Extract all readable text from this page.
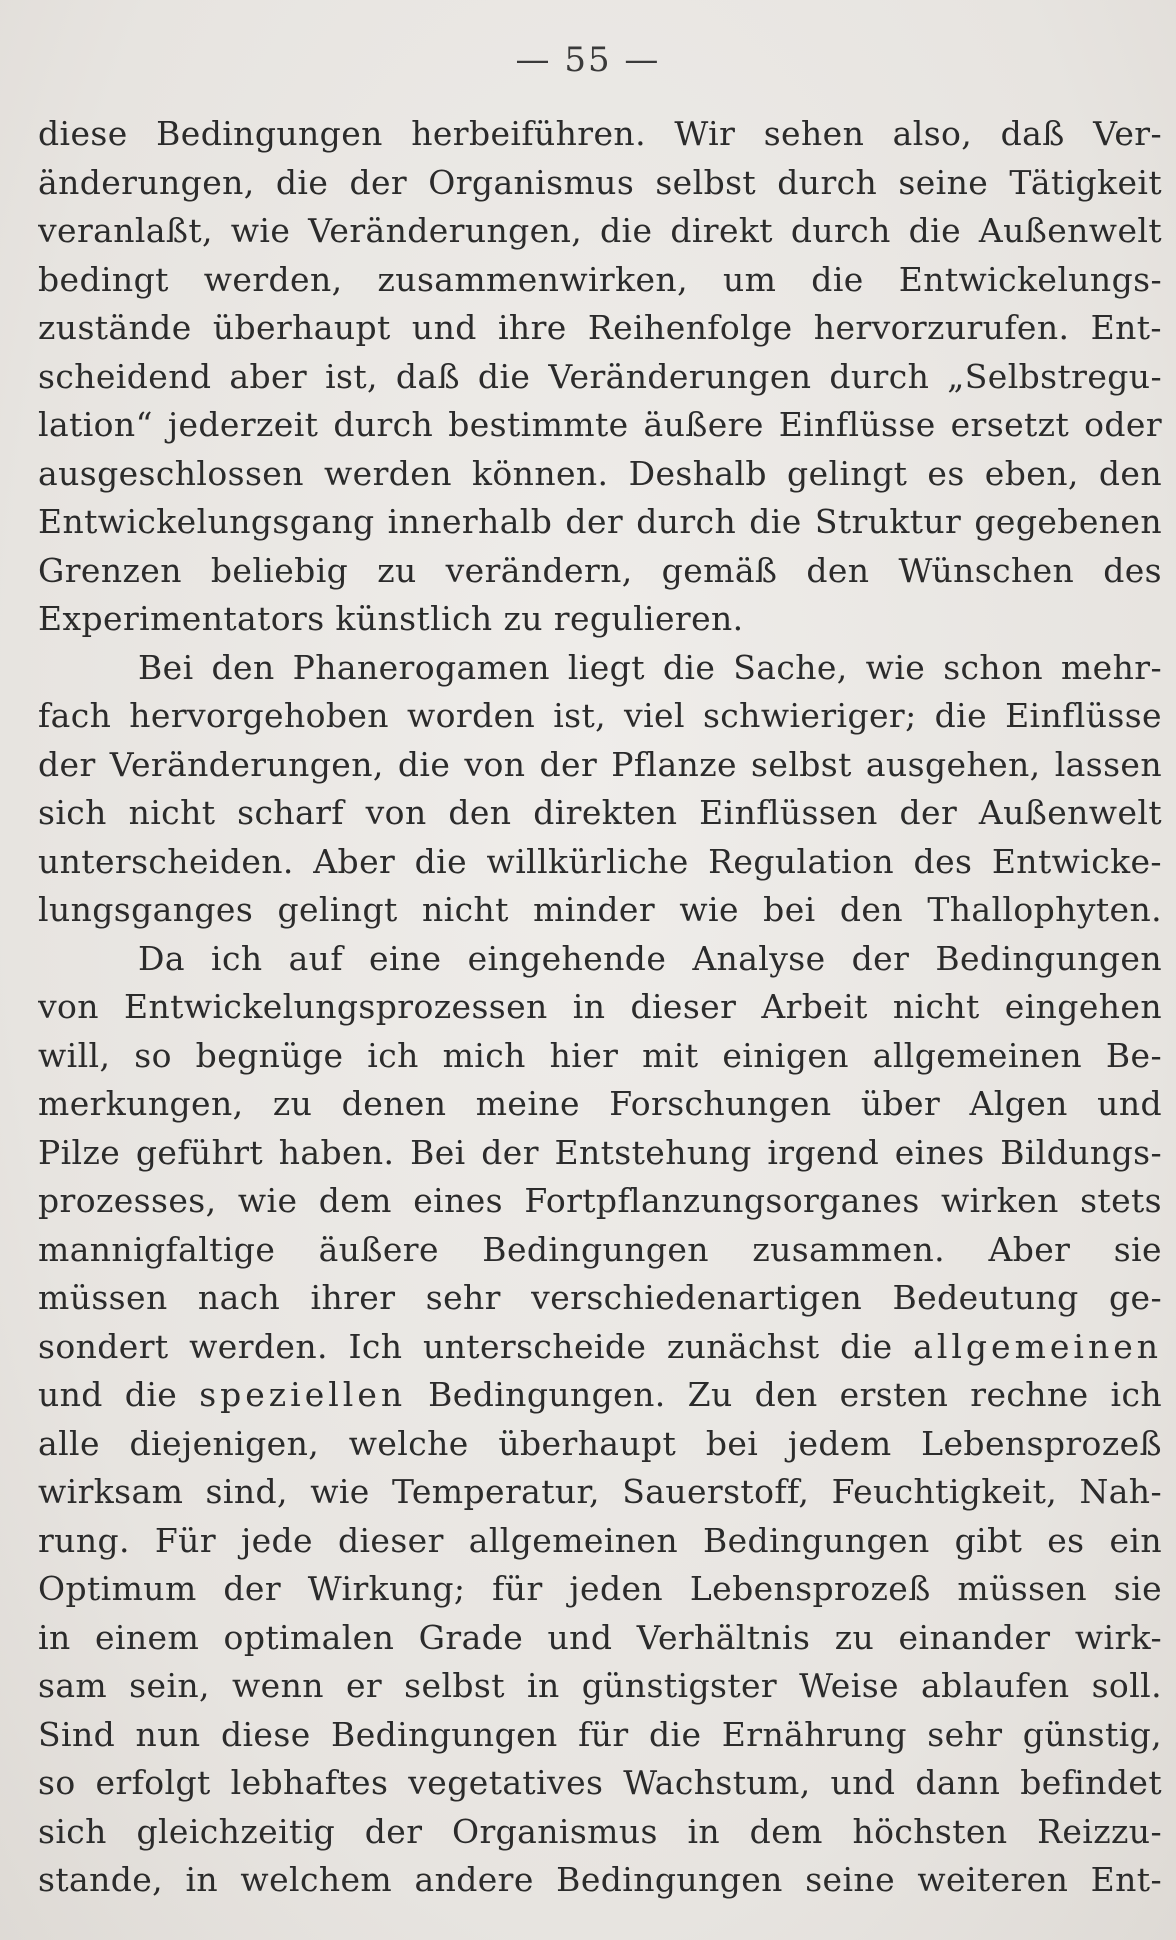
— 55 —
diese Bedingungen herbeiführen. Wir sehen also, daß Ver-
änderungen, die der Organismus selbst durch seine Tätigkeit
veranlaßt, wie Veränderungen, die direkt durch die Außenwelt
bedingt werden, zusammenwirken, um die Entwickelungs-
zustände überhaupt und ihre Reihenfolge hervorzurufen. Ent-
scheidend aber ist, daß die Veränderungen durch „Selbstregu-
lation“ jederzeit durch bestimmte äußere Einflüsse ersetzt oder
ausgeschlossen werden können. Deshalb gelingt es eben, den
Entwickelungsgang innerhalb der durch die Struktur gegebenen
Grenzen beliebig zu verändern, gemäß den Wünschen des
Experimentators künstlich zu regulieren.
Bei den Phanerogamen liegt die Sache, wie schon mehr-
fach hervorgehoben worden ist, viel schwieriger; die Einflüsse
der Veränderungen, die von der Pflanze selbst ausgehen, lassen
sich nicht scharf von den direkten Einflüssen der Außenwelt
unterscheiden. Aber die willkürliche Regulation des Entwicke-
lungsganges gelingt nicht minder wie bei den Thallophyten.
Da ich auf eine eingehende Analyse der Bedingungen
von Entwickelungsprozessen in dieser Arbeit nicht eingehen
will, so begnüge ich mich hier mit einigen allgemeinen Be-
merkungen, zu denen meine Forschungen über Algen und
Pilze geführt haben. Bei der Entstehung irgend eines Bildungs-
prozesses, wie dem eines Fortpflanzungsorganes wirken stets
mannigfaltige äußere Bedingungen zusammen. Aber sie
müssen nach ihrer sehr verschiedenartigen Bedeutung ge-
sondert werden. Ich unterscheide zunächst die allgemeinen
und die speziellen Bedingungen. Zu den ersten rechne ich
alle diejenigen, welche überhaupt bei jedem Lebensprozeß
wirksam sind, wie Temperatur, Sauerstoff, Feuchtigkeit, Nah-
rung. Für jede dieser allgemeinen Bedingungen gibt es ein
Optimum der Wirkung; für jeden Lebensprozeß müssen sie
in einem optimalen Grade und Verhältnis zu einander wirk-
sam sein, wenn er selbst in günstigster Weise ablaufen soll.
Sind nun diese Bedingungen für die Ernährung sehr günstig,
so erfolgt lebhaftes vegetatives Wachstum, und dann befindet
sich gleichzeitig der Organismus in dem höchsten Reizzu-
stande, in welchem andere Bedingungen seine weiteren Ent-
